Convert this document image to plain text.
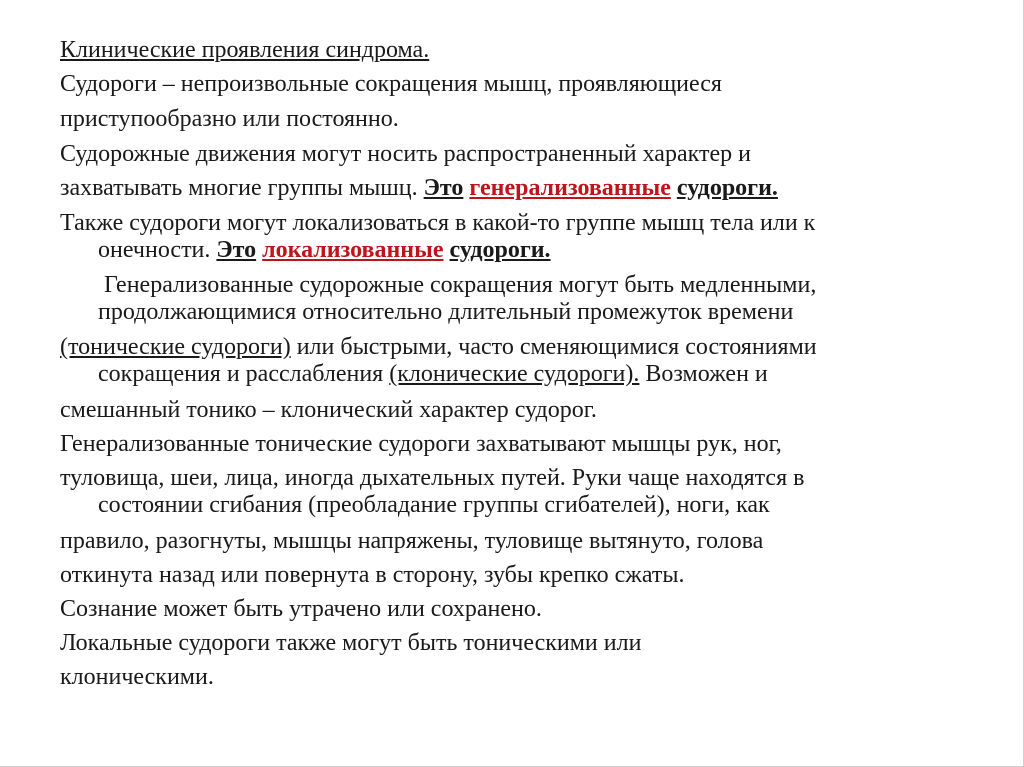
Клинические проявления синдрома.
Судороги – непроизвольные сокращения мышц, проявляющиеся
приступообразно или постоянно.
Судорожные движения могут носить распространенный характер и
захватывать многие группы мышц. Это генерализованные судороги.
Также судороги могут локализоваться в какой-то группе мышц тела или к
онечности. Это локализованные судороги.
Генерализованные судорожные сокращения могут быть медленными,
продолжающимися относительно длительный промежуток времени
(тонические судороги) или быстрыми, часто сменяющимися состояниями
сокращения и расслабления (клонические судороги). Возможен и
смешанный тонико – клонический характер судорог.
Генерализованные тонические судороги захватывают мышцы рук, ног,
туловища, шеи, лица, иногда дыхательных путей. Руки чаще находятся в
состоянии сгибания (преобладание группы сгибателей), ноги, как
правило, разогнуты, мышцы напряжены, туловище вытянуто, голова
откинута назад или повернута в сторону, зубы крепко сжаты.
Сознание может быть утрачено или сохранено.
Локальные судороги также могут быть тоническими или
клоническими.
